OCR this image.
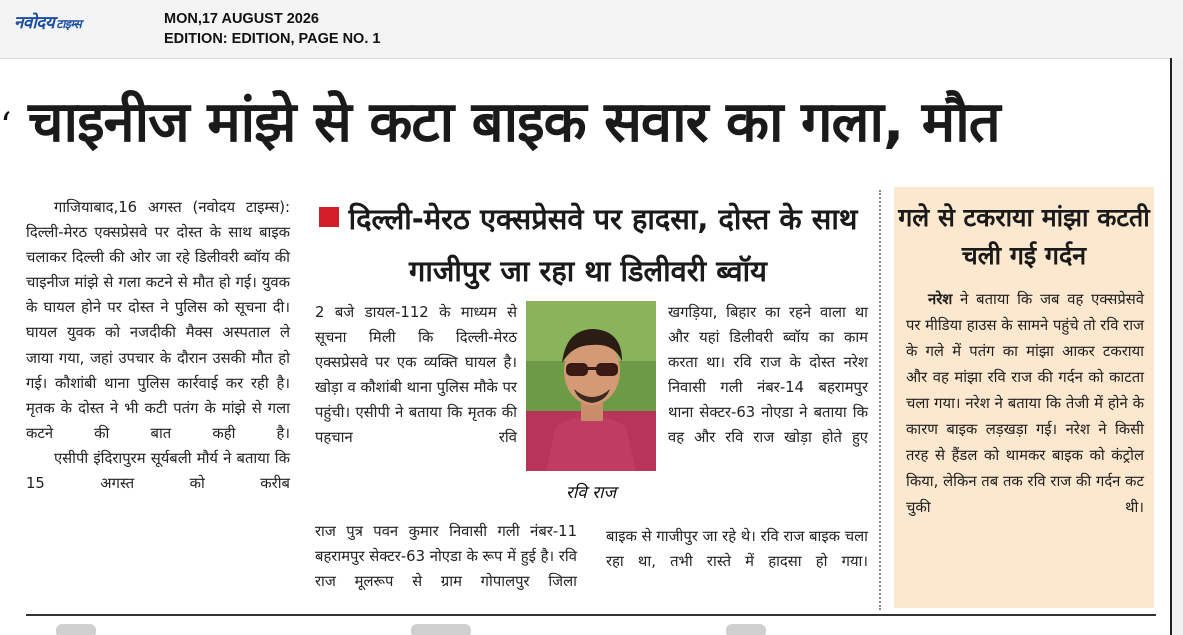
नवोदय टाइम्स	MON,17 AUGUST 2026
EDITION: EDITION, PAGE NO. 1
‘ चाइनीज मांझे से कटा बाइक सवार का गला, मौत

गाजियाबाद,16 अगस्त (नवोदय टाइम्स): दिल्ली-मेरठ एक्सप्रेसवे पर दोस्त के साथ बाइक चलाकर दिल्ली की ओर जा रहे डिलीवरी ब्वॉय की चाइनीज मांझे से गला कटने से मौत हो गई। युवक के घायल होने पर दोस्त ने पुलिस को सूचना दी। घायल युवक को नजदीकी मैक्स अस्पताल ले जाया गया, जहां उपचार के दौरान उसकी मौत हो गई। कौशांबी थाना पुलिस कार्रवाई कर रही है। मृतक के दोस्त ने भी कटी पतंग के मांझे से गला कटने की बात कही है।

एसीपी इंदिरापुरम सूर्यबली मौर्य ने बताया कि 15 अगस्त को करीब

दिल्ली-मेरठ एक्सप्रेसवे पर हादसा, दोस्त के साथ गाजीपुर जा रहा था डिलीवरी ब्वॉय

2 बजे डायल-112 के माध्यम से सूचना मिली कि दिल्ली-मेरठ एक्सप्रेसवे पर एक व्यक्ति घायल है। खोड़ा व कौशांबी थाना पुलिस मौके पर पहुंची। एसीपी ने बताया कि मृतक की पहचान रवि

रवि राज

राज पुत्र पवन कुमार निवासी गली नंबर-11 बहरामपुर सेक्टर-63 नोएडा के रूप में हुई है। रवि राज मूलरूप से ग्राम गोपालपुर जिला

खगड़िया, बिहार का रहने वाला था और यहां डिलीवरी ब्वॉय का काम करता था। रवि राज के दोस्त नरेश निवासी गली नंबर-14 बहरामपुर थाना सेक्टर-63 नोएडा ने बताया कि वह और रवि राज खोड़ा होते हुए

बाइक से गाजीपुर जा रहे थे। रवि राज बाइक चला रहा था, तभी रास्ते में हादसा हो गया।

गले से टकराया मांझा कटती चली गई गर्दन

नरेश ने बताया कि जब वह एक्सप्रेसवे पर मीडिया हाउस के सामने पहुंचे तो रवि राज के गले में पतंग का मांझा आकर टकराया और वह मांझा रवि राज की गर्दन को काटता चला गया। नरेश ने बताया कि तेजी में होने के कारण बाइक लड़खड़ा गई। नरेश ने किसी तरह से हैंडल को थामकर बाइक को कंट्रोल किया, लेकिन तब तक रवि राज की गर्दन कट चुकी थी।
